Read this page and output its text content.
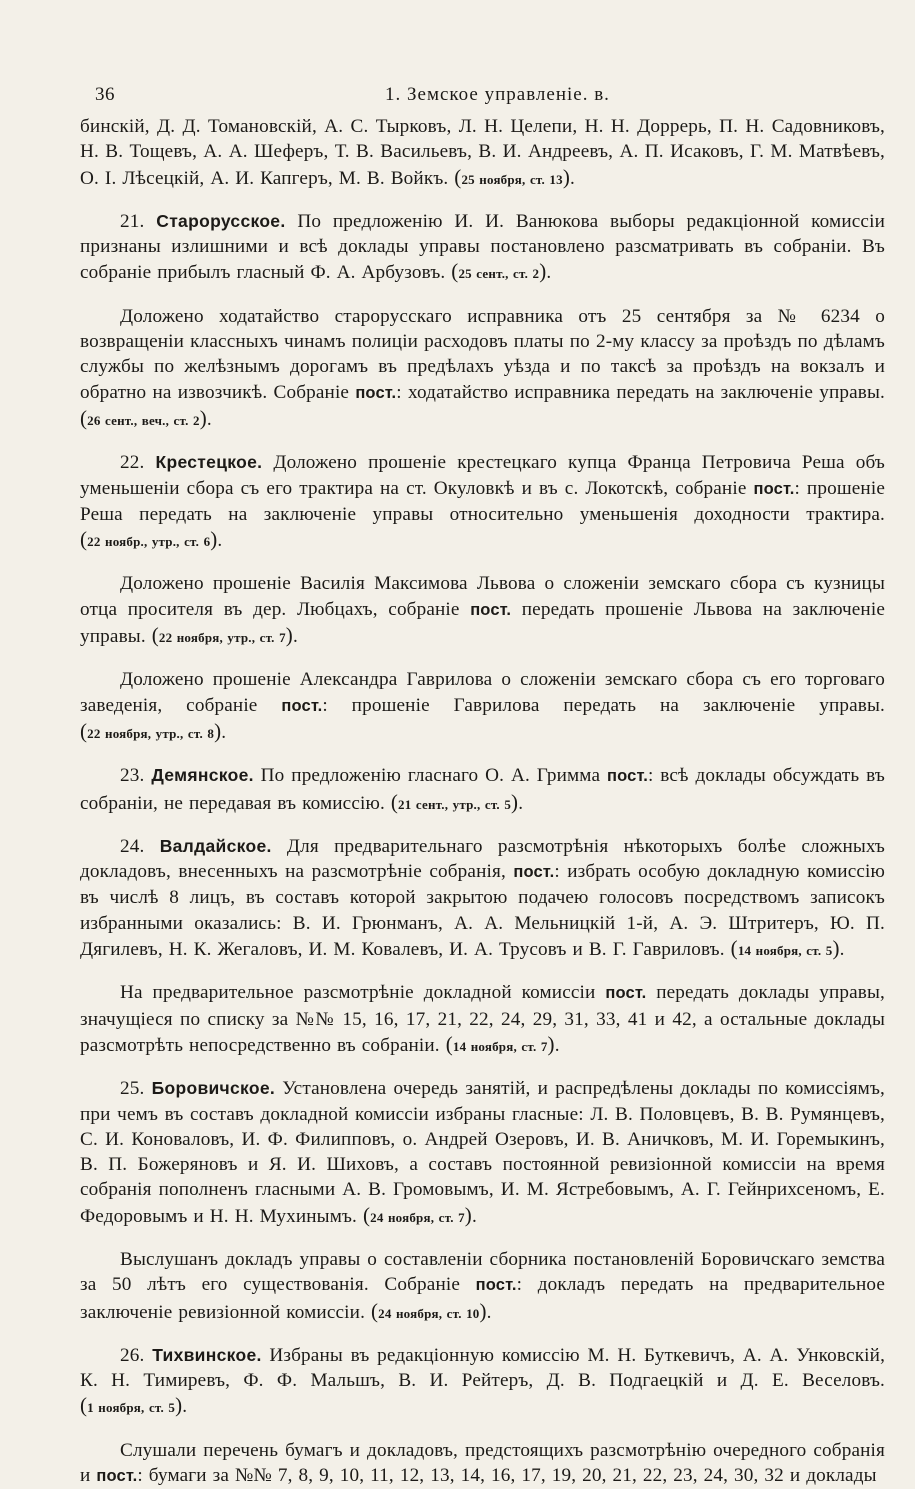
36	1. Земское управленіе. в.

бинскій, Д. Д. Томановскій, А. С. Тырковъ, Л. Н. Целепи, Н. Н. Доррерь, П. Н. Садовниковъ, Н. В. Тощевъ, А. А. Шеферъ, Т. В. Васильевъ, В. И. Андреевъ, А. П. Исаковъ, Г. М. Матвѣевъ, О. І. Лѣсецкій, А. И. Капгеръ, М. В. Войкъ. (25 ноября, ст. 13).

21. Старорусское. По предложенію И. И. Ванюкова выборы редакціонной комиссіи признаны излишними и всѣ доклады управы постановлено разсматривать въ собраніи. Въ собраніе прибылъ гласный Ф. А. Арбузовъ. (25 сент., ст. 2).

Доложено ходатайство старорусскаго исправника отъ 25 сентября за № 6234 о возвращеніи классныхъ чинамъ полиціи расходовъ платы по 2-му классу за проѣздъ по дѣламъ службы по желѣзнымъ дорогамъ въ предѣлахъ уѣзда и по таксѣ за проѣздъ на вокзалъ и обратно на извозчикѣ. Собраніе пост.: ходатайство исправника передать на заключеніе управы. (26 сент., веч., ст. 2).

22. Крестецкое. Доложено прошеніе крестецкаго купца Франца Петровича Реша объ уменьшеніи сбора съ его трактира на ст. Окуловкѣ и въ с. Локотскѣ, собраніе пост.: прошеніе Реша передать на заключеніе управы относительно уменьшенія доходности трактира. (22 ноябр., утр., ст. 6).

Доложено прошеніе Василія Максимова Львова о сложеніи земскаго сбора съ кузницы отца просителя въ дер. Любцахъ, собраніе пост. передать прошеніе Львова на заключеніе управы. (22 ноября, утр., ст. 7).

Доложено прошеніе Александра Гаврилова о сложеніи земскаго сбора съ его торговаго заведенія, собраніе пост.: прошеніе Гаврилова передать на заключеніе управы. (22 ноября, утр., ст. 8).

23. Демянское. По предложенію гласнаго О. А. Гримма пост.: всѣ доклады обсуждать въ собраніи, не передавая въ комиссію. (21 сент., утр., ст. 5).

24. Валдайское. Для предварительнаго разсмотрѣнія нѣкоторыхъ болѣе сложныхъ докладовъ, внесенныхъ на разсмотрѣніе собранія, пост.: избрать особую докладную комиссію въ числѣ 8 лицъ, въ составъ которой закрытою подачею голосовъ посредствомъ записокъ избранными оказались: В. И. Грюнманъ, А. А. Мельницкій 1-й, А. Э. Штритеръ, Ю. П. Дягилевъ, Н. К. Жегаловъ, И. М. Ковалевъ, И. А. Трусовъ и В. Г. Гавриловъ. (14 ноября, ст. 5).

На предварительное разсмотрѣніе докладной комиссіи пост. передать доклады управы, значущіеся по списку за №№ 15, 16, 17, 21, 22, 24, 29, 31, 33, 41 и 42, а остальные доклады разсмотрѣть непосредственно въ собраніи. (14 ноября, ст. 7).

25. Боровичское. Установлена очередь занятій, и распредѣлены доклады по комиссіямъ, при чемъ въ составъ докладной комиссіи избраны гласные: Л. В. Половцевъ, В. В. Румянцевъ, С. И. Коноваловъ, И. Ф. Филипповъ, о. Андрей Озеровъ, И. В. Аничковъ, М. И. Горемыкинъ, В. П. Божеряновъ и Я. И. Шиховъ, а составъ постоянной ревизіонной комиссіи на время собранія пополненъ гласными А. В. Громовымъ, И. М. Ястребовымъ, А. Г. Гейнрихсеномъ, Е. Федоровымъ и Н. Н. Мухинымъ. (24 ноября, ст. 7).

Выслушанъ докладъ управы о составленіи сборника постановленій Боровичскаго земства за 50 лѣтъ его существованія. Собраніе пост.: докладъ передать на предварительное заключеніе ревизіонной комиссіи. (24 ноября, ст. 10).

26. Тихвинское. Избраны въ редакціонную комиссію М. Н. Буткевичъ, А. А. Унковскій, К. Н. Тимиревъ, Ф. Ф. Мальшъ, В. И. Рейтеръ, Д. В. Подгаецкій и Д. Е. Веселовъ. (1 ноября, ст. 5).

Слушали перечень бумагъ и докладовъ, предстоящихъ разсмотрѣнію очередного собранія и пост.: бумаги за №№ 7, 8, 9, 10, 11, 12, 13, 14, 16, 17, 19, 20, 21, 22, 23, 24, 30, 32 и доклады
